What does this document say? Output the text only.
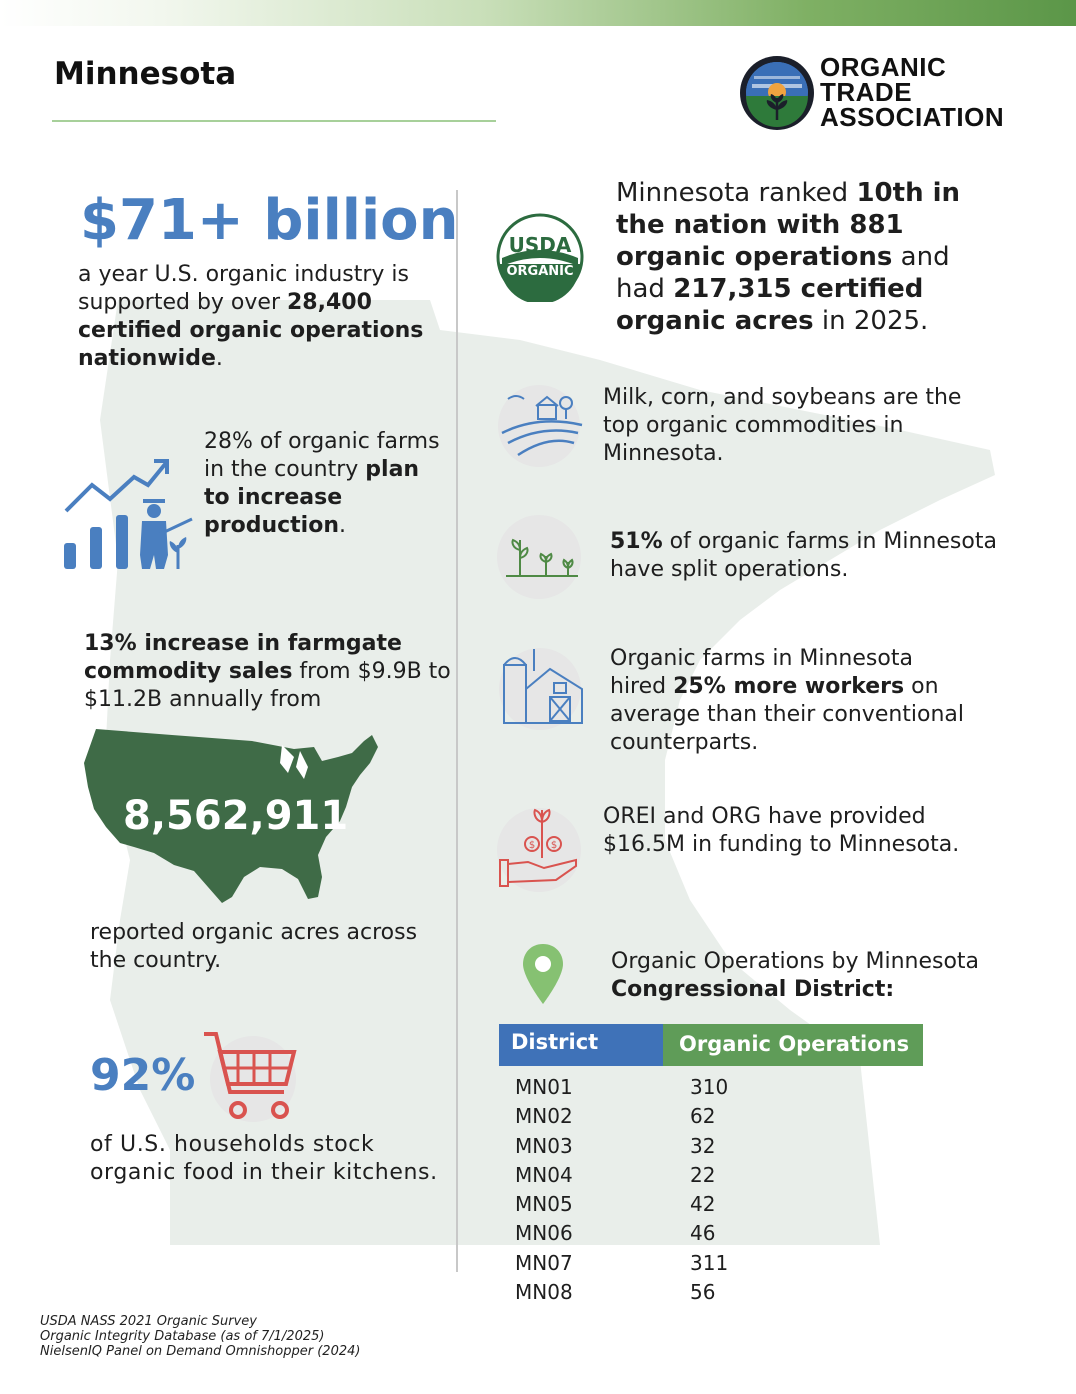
Minnesota	ORGANIC
TRADE
ASSOCIATION
$71+ billion
a year U.S. organic industry is supported by over 28,400 certified organic operations nationwide.
28% of organic farms in the country plan to increase production.
13% increase in farmgate commodity sales from $9.9B to $11.2B annually from
8,562,911
reported organic acres across the country.
92%
of U.S. households stock organic food in their kitchens.
USDA
ORGANIC
Minnesota ranked 10th in the nation with 881 organic operations and had 217,315 certified organic acres in 2025.
Milk, corn, and soybeans are the top organic commodities in Minnesota.
51% of organic farms in Minnesota have split operations.
Organic farms in Minnesota hired 25% more workers on average than their conventional counterparts.
$ $
OREI and ORG have provided $16.5M in funding to Minnesota.
Organic Operations by Minnesota
Congressional District:
District	Organic Operations
MN01	310
MN02	62
MN03	32
MN04	22
MN05	42
MN06	46
MN07	311
MN08	56
USDA NASS 2021 Organic Survey
Organic Integrity Database (as of 7/1/2025)
NielsenIQ Panel on Demand Omnishopper (2024)
